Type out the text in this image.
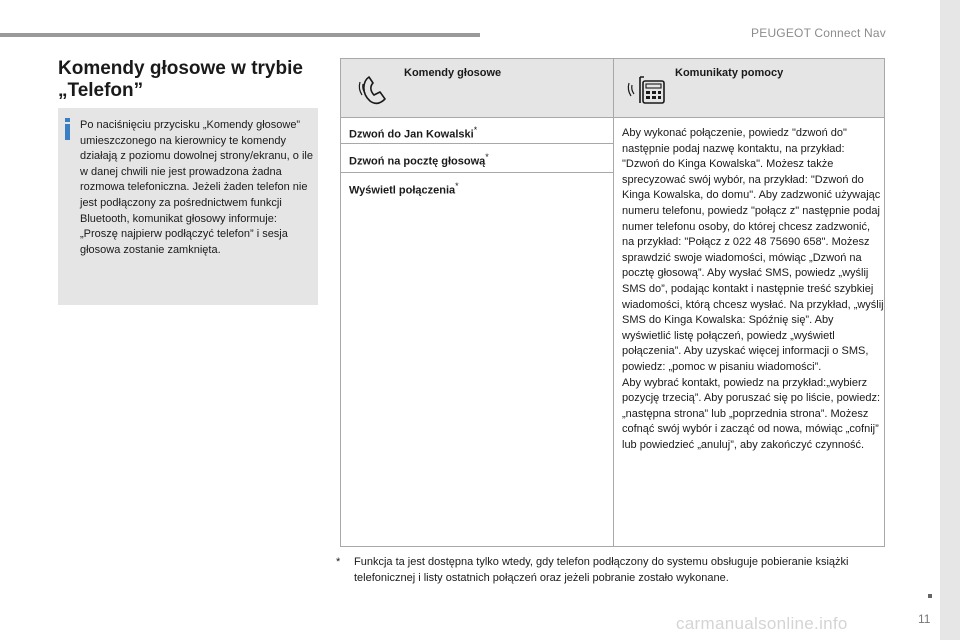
PEUGEOT Connect Nav
Komendy głosowe w trybie „Telefon”
Po naciśnięciu przycisku „Komendy głosowe” umieszczonego na kierownicy te komendy działają z poziomu dowolnej strony/ekranu, o ile w danej chwili nie jest prowadzona żadna rozmowa telefoniczna. Jeżeli żaden telefon nie jest podłączony za pośrednictwem funkcji Bluetooth, komunikat głosowy informuje: „Proszę najpierw podłączyć telefon” i sesja głosowa zostanie zamknięta.
Komendy głosowe	Komunikaty pomocy
Dzwoń do Jan Kowalski*
Dzwoń na pocztę głosową*
Wyświetl połączenia*
Aby wykonać połączenie, powiedz "dzwoń do" następnie podaj nazwę kontaktu, na przykład: "Dzwoń do Kinga Kowalska". Możesz także sprecyzować swój wybór, na przykład: "Dzwoń do Kinga Kowalska, do domu". Aby zadzwonić używając numeru telefonu, powiedz "połącz z" następnie podaj numer telefonu osoby, do której chcesz zadzwonić, na przykład: "Połącz z 022 48 75690 658". Możesz sprawdzić swoje wiadomości, mówiąc „Dzwoń na pocztę głosową”. Aby wysłać SMS, powiedz „wyślij SMS do”, podając kontakt i następnie treść szybkiej wiadomości, którą chcesz wysłać. Na przykład, „wyślij SMS do Kinga Kowalska: Spóźnię się”. Aby wyświetlić listę połączeń, powiedz „wyświetl połączenia”. Aby uzyskać więcej informacji o SMS, powiedz: „pomoc w pisaniu wiadomości”.
Aby wybrać kontakt, powiedz na przykład:„wybierz pozycję trzecią”. Aby poruszać się po liście, powiedz: „następna strona” lub „poprzednia strona”. Możesz cofnąć swój wybór i zacząć od nowa, mówiąc „cofnij” lub powiedzieć „anuluj”, aby zakończyć czynność.
* Funkcja ta jest dostępna tylko wtedy, gdy telefon podłączony do systemu obsługuje pobieranie książki telefonicznej i listy ostatnich połączeń oraz jeżeli pobranie zostało wykonane.
11
carmanualsonline.info
